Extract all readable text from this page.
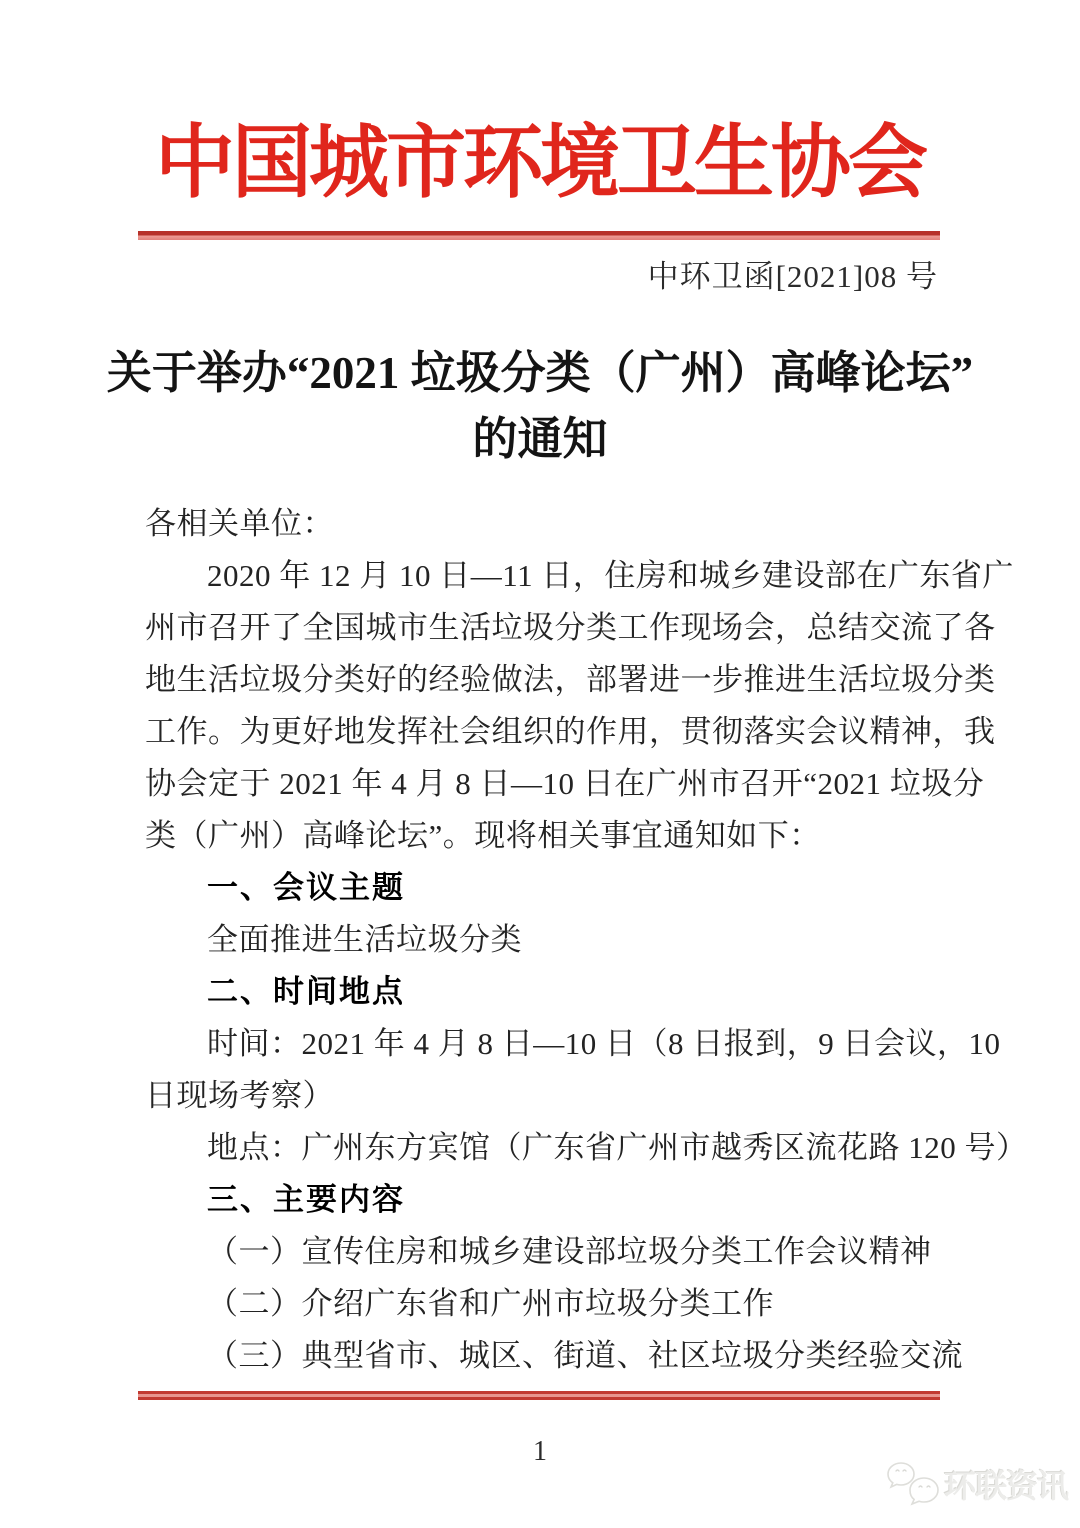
中国城市环境卫生协会
中环卫函[2021]08 号
关于举办“2021 垃圾分类（广州）高峰论坛”
的通知
各相关单位：
2020 年 12 月 10 日—11 日，住房和城乡建设部在广东省广
州市召开了全国城市生活垃圾分类工作现场会，总结交流了各
地生活垃圾分类好的经验做法，部署进一步推进生活垃圾分类
工作。为更好地发挥社会组织的作用，贯彻落实会议精神，我
协会定于 2021 年 4 月 8 日—10 日在广州市召开“2021 垃圾分
类（广州）高峰论坛”。现将相关事宜通知如下：
一、会议主题
全面推进生活垃圾分类
二、时间地点
时间：2021 年 4 月 8 日—10 日（8 日报到，9 日会议，10
日现场考察）
地点：广州东方宾馆（广东省广州市越秀区流花路 120 号）
三、主要内容
（一）宣传住房和城乡建设部垃圾分类工作会议精神
（二）介绍广东省和广州市垃圾分类工作
（三）典型省市、城区、街道、社区垃圾分类经验交流
1
环联资讯
